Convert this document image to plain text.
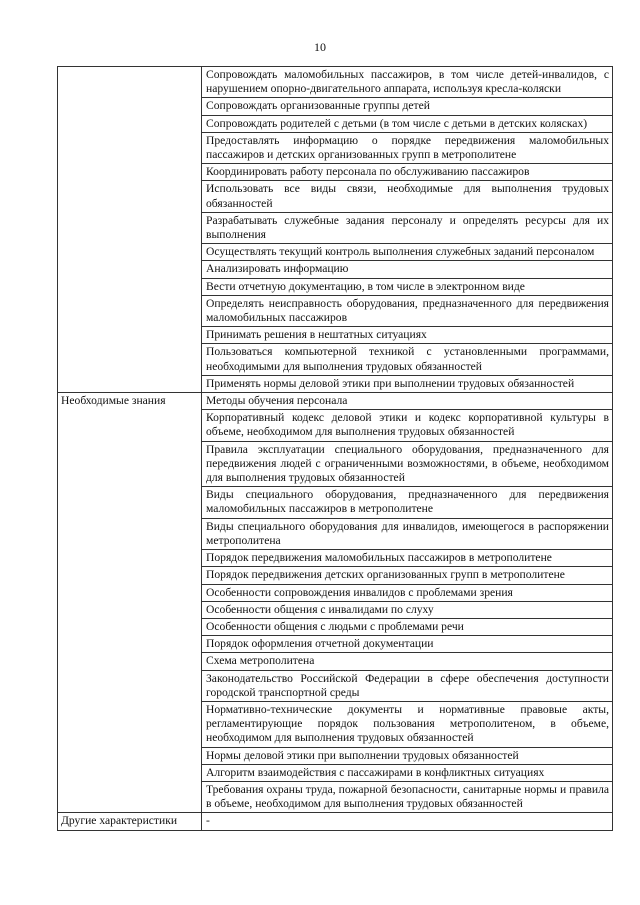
10
	Сопровождать маломобильных пассажиров, в том числе детей-инвалидов, с нарушением опорно-двигательного аппарата, используя кресла-коляски
	Сопровождать организованные группы детей
	Сопровождать родителей с детьми (в том числе с детьми в детских колясках)
	Предоставлять информацию о порядке передвижения маломобильных пассажиров и детских организованных групп в метрополитене
	Координировать работу персонала по обслуживанию пассажиров
	Использовать все виды связи, необходимые для выполнения трудовых обязанностей
	Разрабатывать служебные задания персоналу и определять ресурсы для их выполнения
	Осуществлять текущий контроль выполнения служебных заданий персоналом
	Анализировать информацию
	Вести отчетную документацию, в том числе в электронном виде
	Определять неисправность оборудования, предназначенного для передвижения маломобильных пассажиров
	Принимать решения в нештатных ситуациях
	Пользоваться компьютерной техникой с установленными программами, необходимыми для выполнения трудовых обязанностей
	Применять нормы деловой этики при выполнении трудовых обязанностей
Необходимые знания	Методы обучения персонала
	Корпоративный кодекс деловой этики и кодекс корпоративной культуры в объеме, необходимом для выполнения трудовых обязанностей
	Правила эксплуатации специального оборудования, предназначенного для передвижения людей с ограниченными возможностями, в объеме, необходимом для выполнения трудовых обязанностей
	Виды специального оборудования, предназначенного для передвижения маломобильных пассажиров в метрополитене
	Виды специального оборудования для инвалидов, имеющегося в распоряжении метрополитена
	Порядок передвижения маломобильных пассажиров в метрополитене
	Порядок передвижения детских организованных групп в метрополитене
	Особенности сопровождения инвалидов с проблемами зрения
	Особенности общения с инвалидами по слуху
	Особенности общения с людьми с проблемами речи
	Порядок оформления отчетной документации
	Схема метрополитена
	Законодательство Российской Федерации в сфере обеспечения доступности городской транспортной среды
	Нормативно-технические документы и нормативные правовые акты, регламентирующие порядок пользования метрополитеном, в объеме, необходимом для выполнения трудовых обязанностей
	Нормы деловой этики при выполнении трудовых обязанностей
	Алгоритм взаимодействия с пассажирами в конфликтных ситуациях
	Требования охраны труда, пожарной безопасности, санитарные нормы и правила в объеме, необходимом для выполнения трудовых обязанностей
Другие характеристики	-
